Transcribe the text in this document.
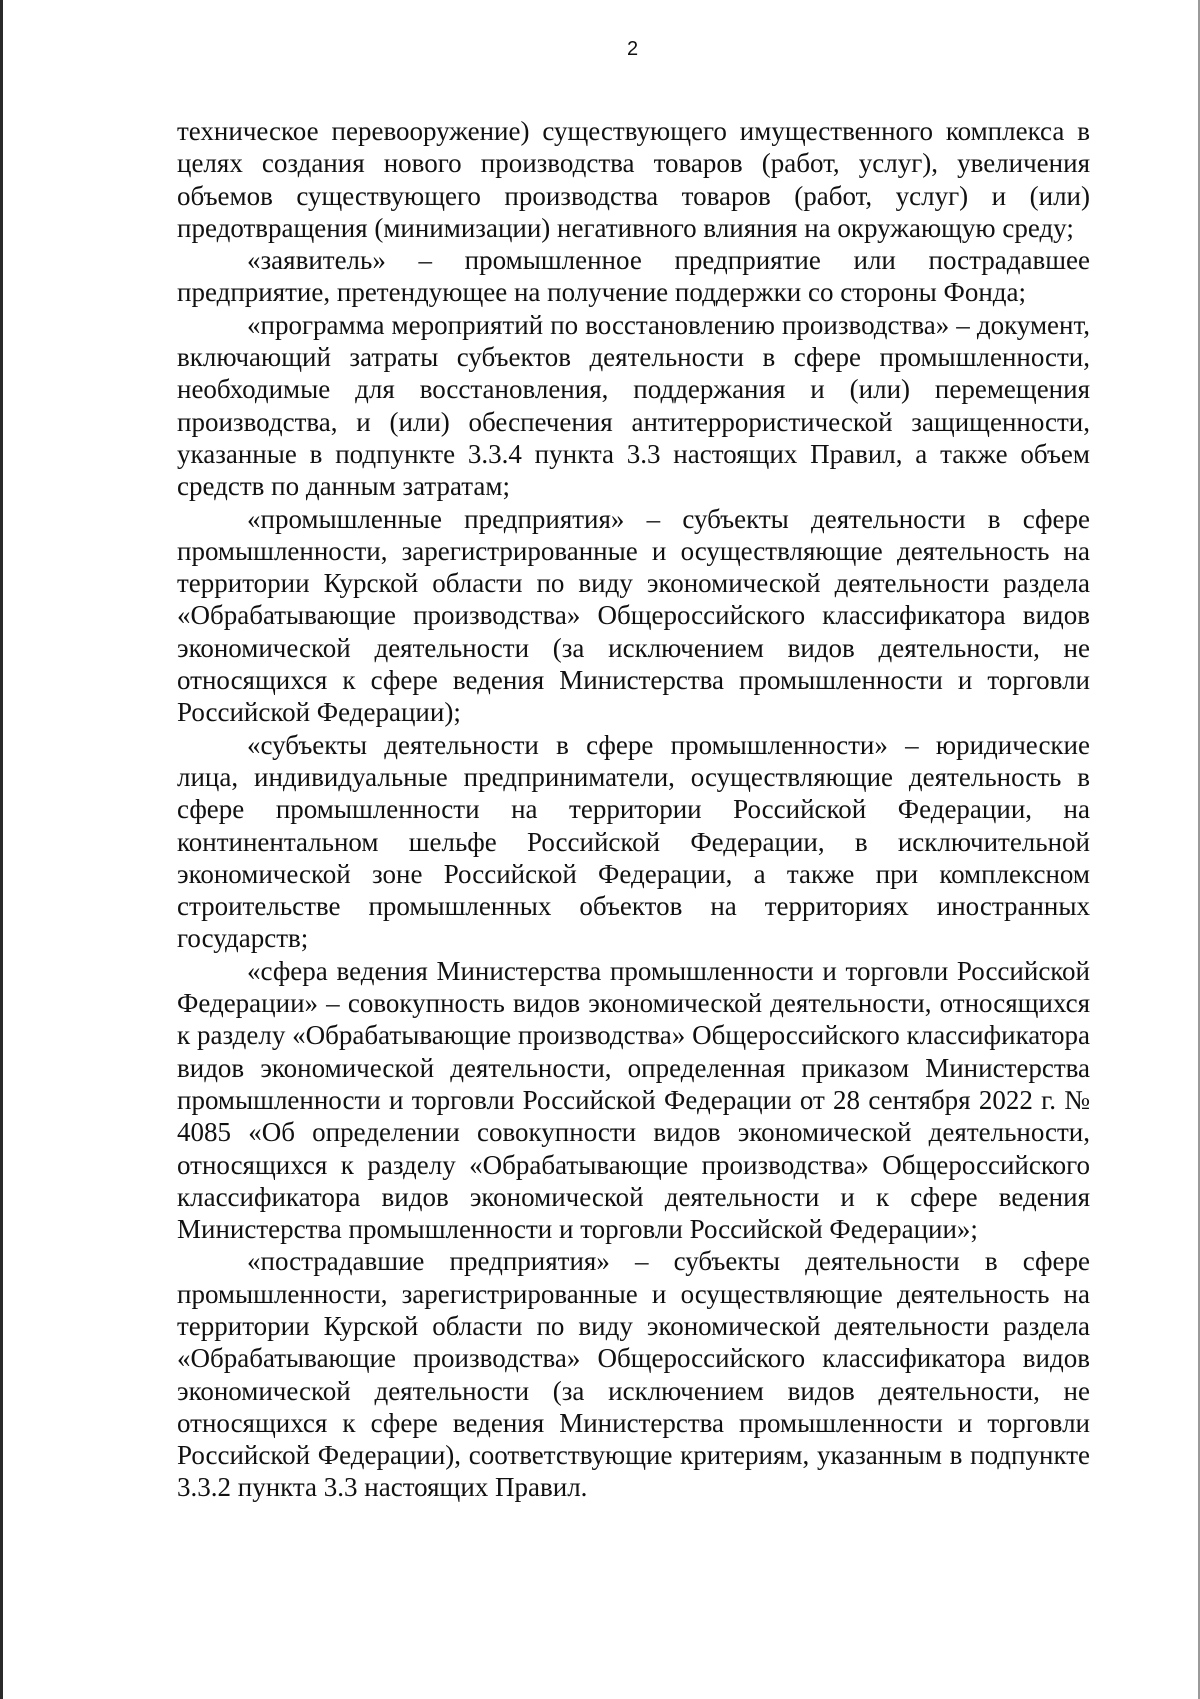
2

техническое перевооружение) существующего имущественного комплекса в целях создания нового производства товаров (работ, услуг), увеличения объемов существующего производства товаров (работ, услуг) и (или) предотвращения (минимизации) негативного влияния на окружающую среду;

«заявитель» – промышленное предприятие или пострадавшее предприятие, претендующее на получение поддержки со стороны Фонда;

«программа мероприятий по восстановлению производства» – документ, включающий затраты субъектов деятельности в сфере промышленности, необходимые для восстановления, поддержания и (или) перемещения производства, и (или) обеспечения антитеррористической защищенности, указанные в подпункте 3.3.4 пункта 3.3 настоящих Правил, а также объем средств по данным затратам;

«промышленные предприятия» – субъекты деятельности в сфере промышленности, зарегистрированные и осуществляющие деятельность на территории Курской области по виду экономической деятельности раздела «Обрабатывающие производства» Общероссийского классификатора видов экономической деятельности (за исключением видов деятельности, не относящихся к сфере ведения Министерства промышленности и торговли Российской Федерации);

«субъекты деятельности в сфере промышленности» – юридические лица, индивидуальные предприниматели, осуществляющие деятельность в сфере промышленности на территории Российской Федерации, на континентальном шельфе Российской Федерации, в исключительной экономической зоне Российской Федерации, а также при комплексном строительстве промышленных объектов на территориях иностранных государств;

«сфера ведения Министерства промышленности и торговли Российской Федерации» – совокупность видов экономической деятельности, относящихся к разделу «Обрабатывающие производства» Общероссийского классификатора видов экономической деятельности, определенная приказом Министерства промышленности и торговли Российской Федерации от 28 сентября 2022 г. № 4085 «Об определении совокупности видов экономической деятельности, относящихся к разделу «Обрабатывающие производства» Общероссийского классификатора видов экономической деятельности и к сфере ведения Министерства промышленности и торговли Российской Федерации»;

«пострадавшие предприятия» – субъекты деятельности в сфере промышленности, зарегистрированные и осуществляющие деятельность на территории Курской области по виду экономической деятельности раздела «Обрабатывающие производства» Общероссийского классификатора видов экономической деятельности (за исключением видов деятельности, не относящихся к сфере ведения Министерства промышленности и торговли Российской Федерации), соответствующие критериям, указанным в подпункте 3.3.2 пункта 3.3 настоящих Правил.
